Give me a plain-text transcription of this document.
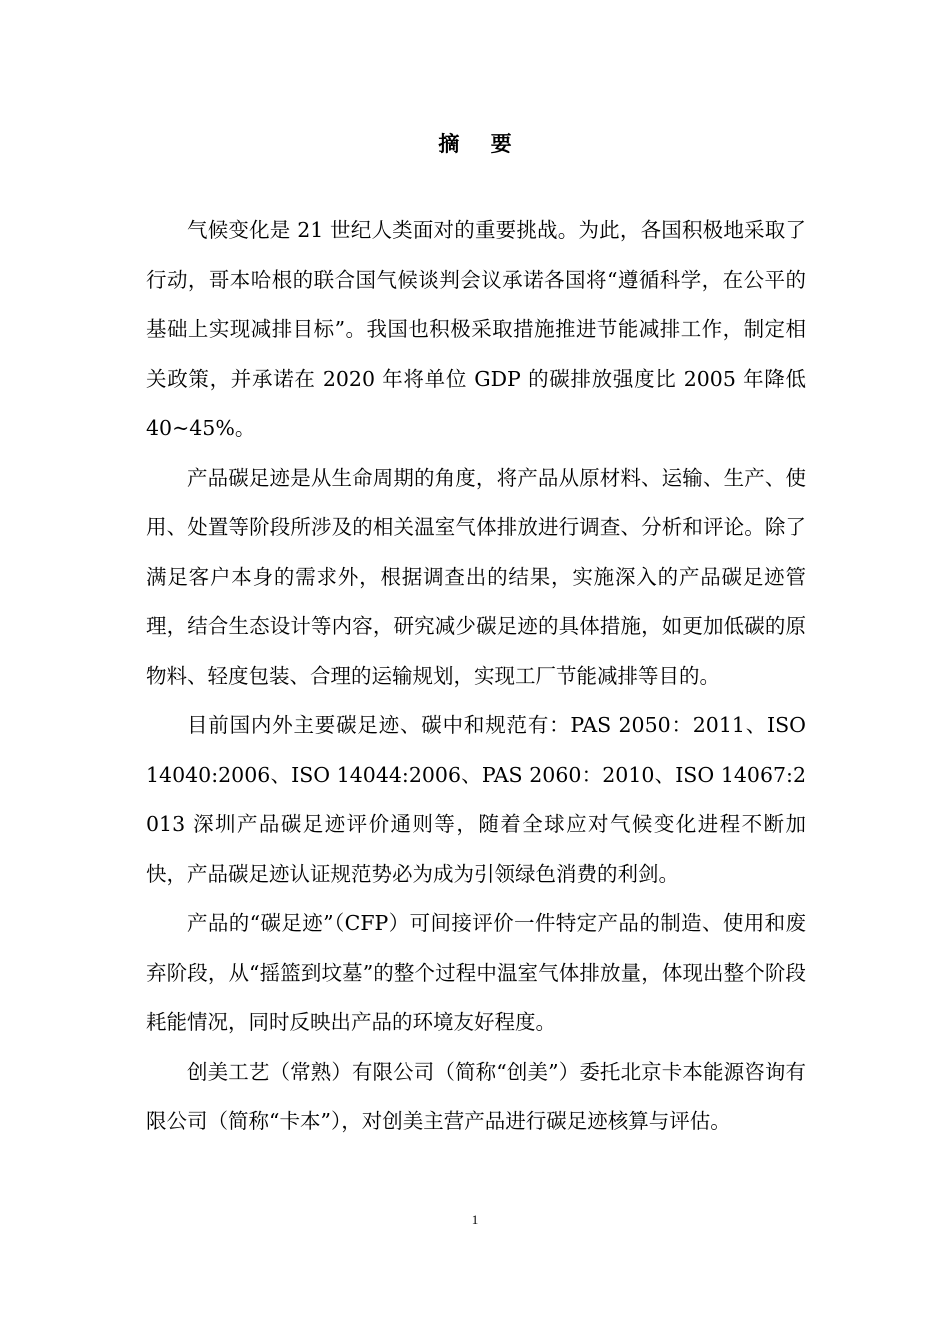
摘 要

气候变化是 21 世纪人类面对的重要挑战。为此，各国积极地采取了行动，哥本哈根的联合国气候谈判会议承诺各国将“遵循科学，在公平的基础上实现减排目标”。我国也积极采取措施推进节能减排工作，制定相关政策，并承诺在 2020 年将单位 GDP 的碳排放强度比 2005 年降低 40~45%。

产品碳足迹是从生命周期的角度，将产品从原材料、运输、生产、使用、处置等阶段所涉及的相关温室气体排放进行调查、分析和评论。除了满足客户本身的需求外，根据调查出的结果，实施深入的产品碳足迹管理，结合生态设计等内容，研究减少碳足迹的具体措施，如更加低碳的原物料、轻度包装、合理的运输规划，实现工厂节能减排等目的。

目前国内外主要碳足迹、碳中和规范有：PAS 2050：2011、ISO 14040:2006、ISO 14044:2006、PAS 2060：2010、ISO 14067:2013 深圳产品碳足迹评价通则等，随着全球应对气候变化进程不断加快，产品碳足迹认证规范势必为成为引领绿色消费的利剑。

产品的“碳足迹”（CFP）可间接评价一件特定产品的制造、使用和废弃阶段，从“摇篮到坟墓”的整个过程中温室气体排放量，体现出整个阶段耗能情况，同时反映出产品的环境友好程度。

创美工艺（常熟）有限公司（简称“创美”）委托北京卡本能源咨询有限公司（简称“卡本”），对创美主营产品进行碳足迹核算与评估。

1
